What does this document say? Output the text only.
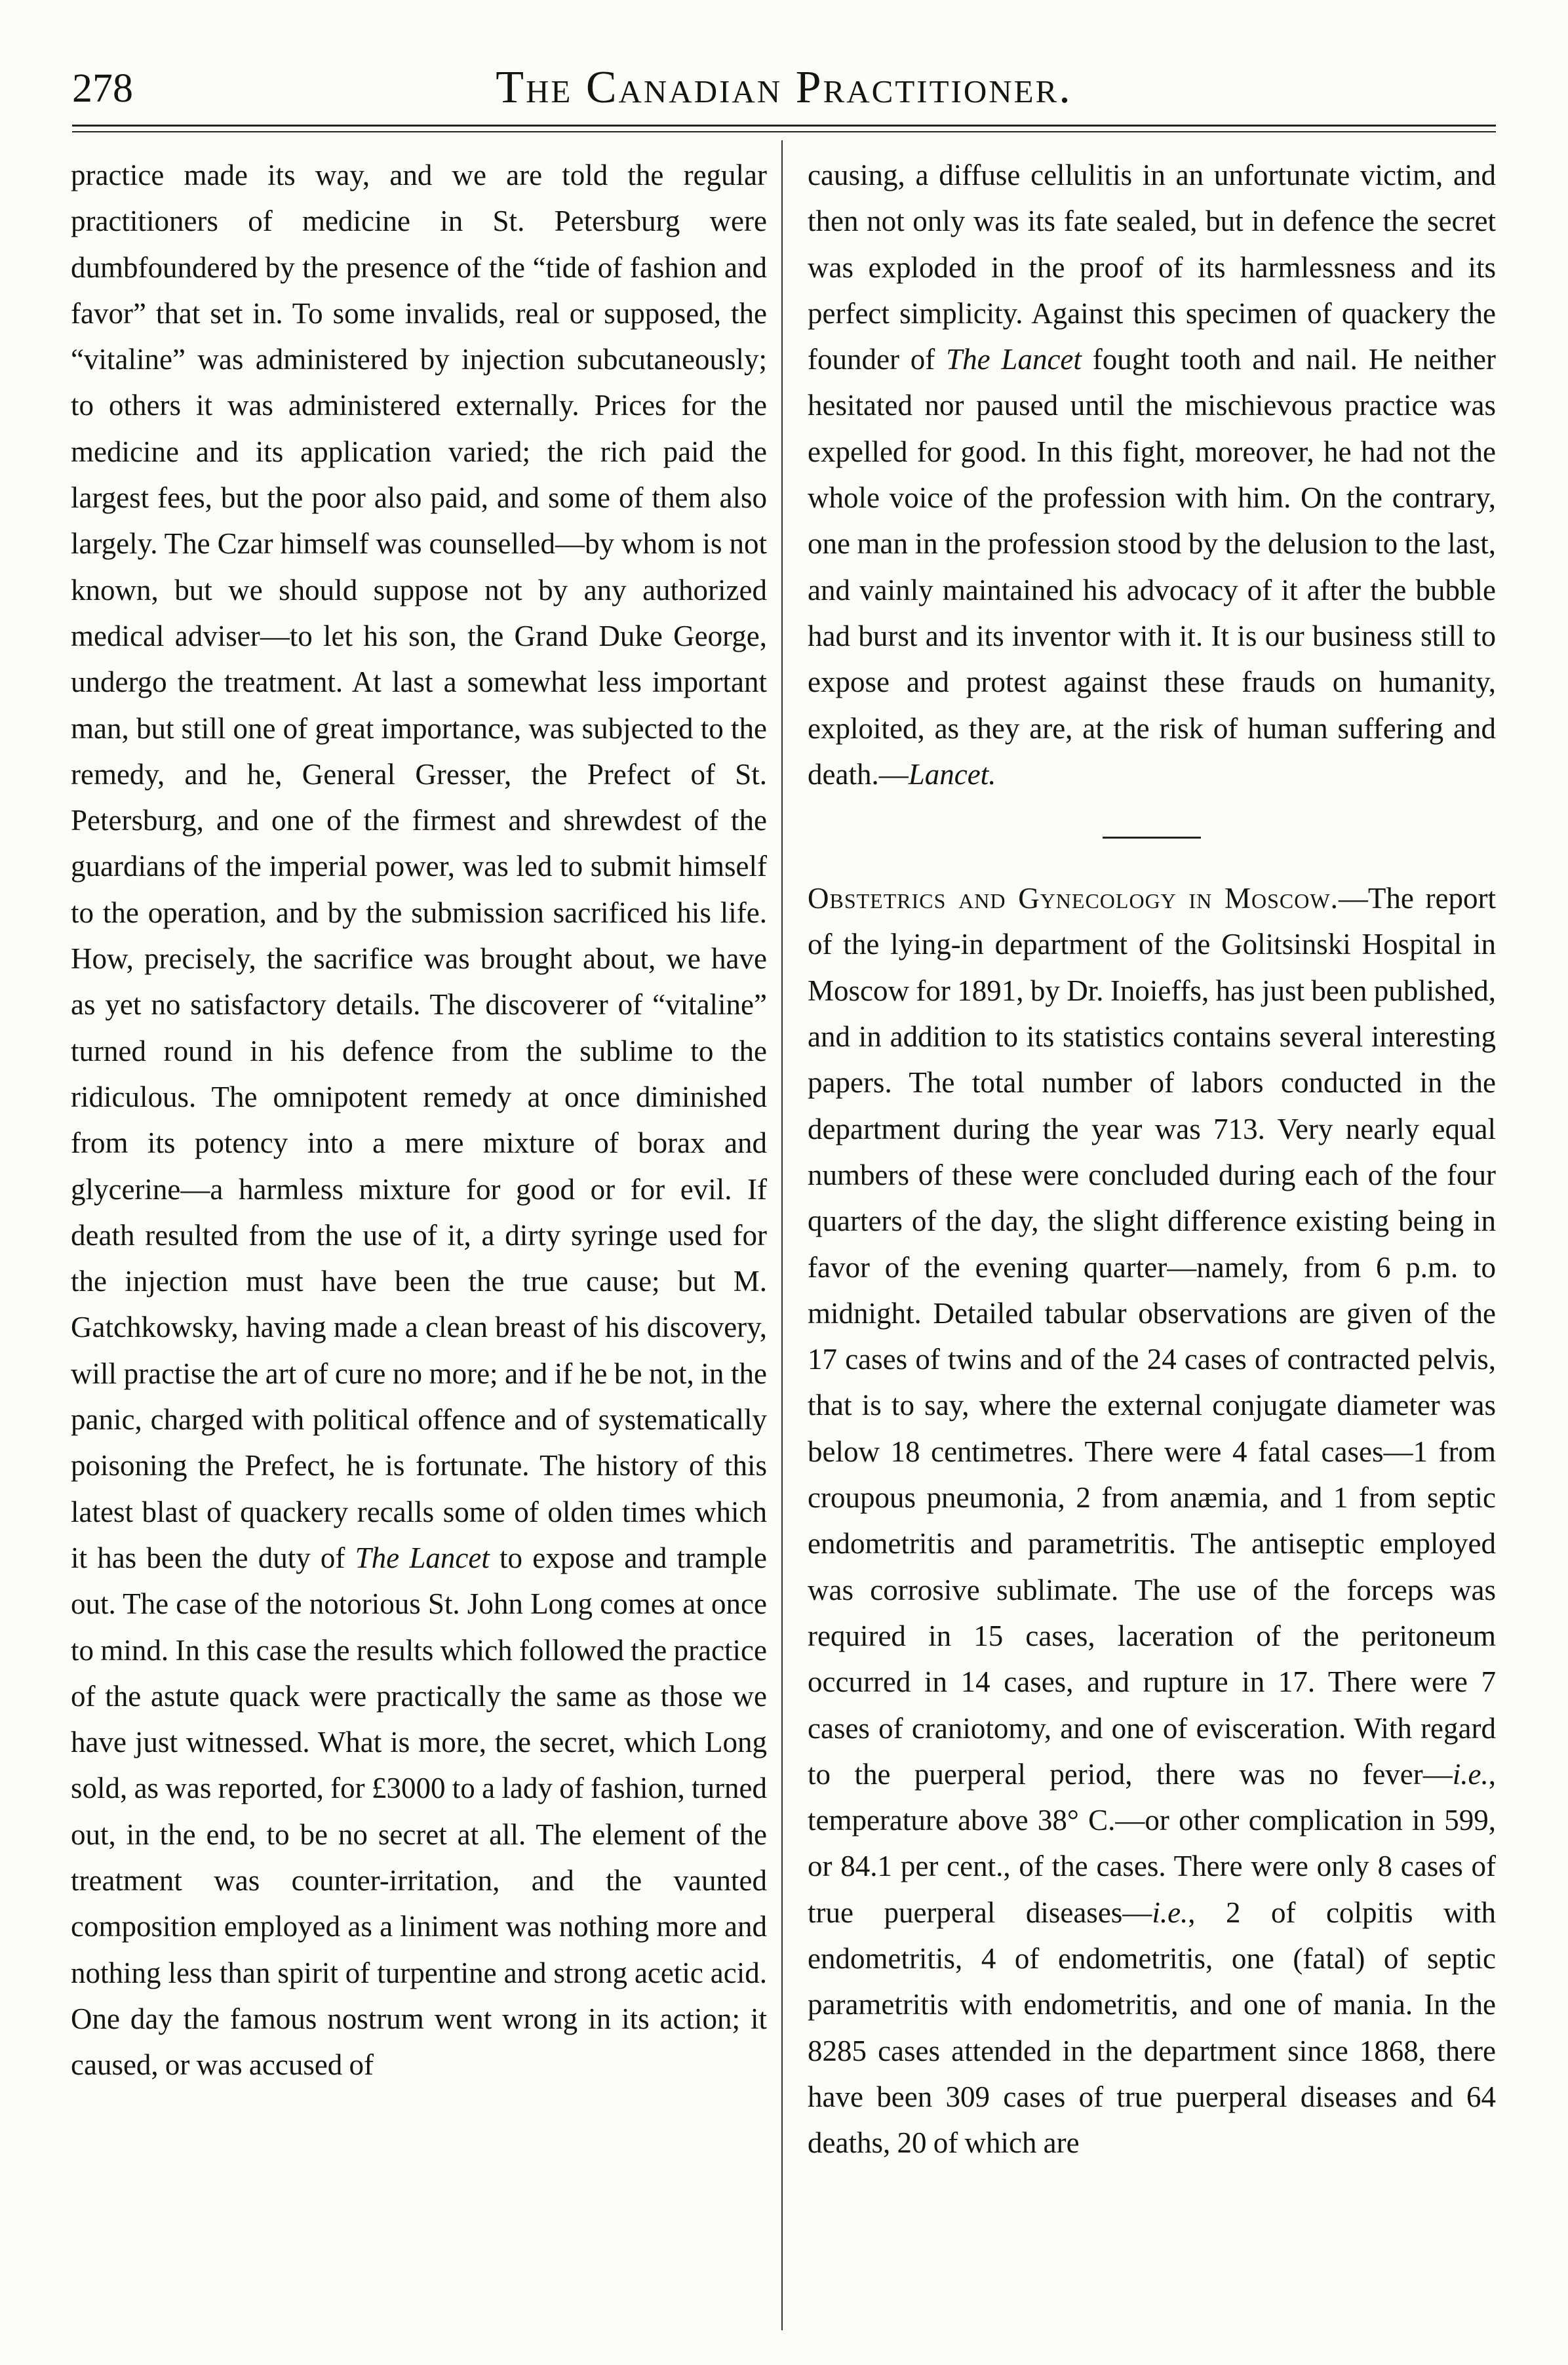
278	The Canadian Practitioner.

practice made its way, and we are told the regular practitioners of medicine in St. Petersburg were dumbfoundered by the presence of the “tide of fashion and favor” that set in. To some invalids, real or supposed, the “vitaline” was administered by injection subcutaneously; to others it was administered externally. Prices for the medicine and its application varied; the rich paid the largest fees, but the poor also paid, and some of them also largely. The Czar himself was counselled—by whom is not known, but we should suppose not by any authorized medical adviser—to let his son, the Grand Duke George, undergo the treatment. At last a somewhat less important man, but still one of great importance, was subjected to the remedy, and he, General Gresser, the Prefect of St. Petersburg, and one of the firmest and shrewdest of the guardians of the imperial power, was led to submit himself to the operation, and by the submission sacrificed his life. How, precisely, the sacrifice was brought about, we have as yet no satisfactory details. The discoverer of “vitaline” turned round in his defence from the sublime to the ridiculous. The omnipotent remedy at once diminished from its potency into a mere mixture of borax and glycerine—a harmless mixture for good or for evil. If death resulted from the use of it, a dirty syringe used for the injection must have been the true cause; but M. Gatchkowsky, having made a clean breast of his discovery, will practise the art of cure no more; and if he be not, in the panic, charged with political offence and of systematically poisoning the Prefect, he is fortunate. The history of this latest blast of quackery recalls some of olden times which it has been the duty of The Lancet to expose and trample out. The case of the notorious St. John Long comes at once to mind. In this case the results which followed the practice of the astute quack were practically the same as those we have just witnessed. What is more, the secret, which Long sold, as was reported, for £3000 to a lady of fashion, turned out, in the end, to be no secret at all. The element of the treatment was counter-irritation, and the vaunted composition employed as a liniment was nothing more and nothing less than spirit of turpentine and strong acetic acid. One day the famous nostrum went wrong in its action; it caused, or was accused of

causing, a diffuse cellulitis in an unfortunate victim, and then not only was its fate sealed, but in defence the secret was exploded in the proof of its harmlessness and its perfect simplicity. Against this specimen of quackery the founder of The Lancet fought tooth and nail. He neither hesitated nor paused until the mischievous practice was expelled for good. In this fight, moreover, he had not the whole voice of the profession with him. On the contrary, one man in the profession stood by the delusion to the last, and vainly maintained his advocacy of it after the bubble had burst and its inventor with it. It is our business still to expose and protest against these frauds on humanity, exploited, as they are, at the risk of human suffering and death.—Lancet.

Obstetrics and Gynecology in Moscow.—The report of the lying-in department of the Golitsinski Hospital in Moscow for 1891, by Dr. Inoieffs, has just been published, and in addition to its statistics contains several interesting papers. The total number of labors conducted in the department during the year was 713. Very nearly equal numbers of these were concluded during each of the four quarters of the day, the slight difference existing being in favor of the evening quarter—namely, from 6 p.m. to midnight. Detailed tabular observations are given of the 17 cases of twins and of the 24 cases of contracted pelvis, that is to say, where the external conjugate diameter was below 18 centimetres. There were 4 fatal cases—1 from croupous pneumonia, 2 from anæmia, and 1 from septic endometritis and parametritis. The antiseptic employed was corrosive sublimate. The use of the forceps was required in 15 cases, laceration of the peritoneum occurred in 14 cases, and rupture in 17. There were 7 cases of craniotomy, and one of evisceration. With regard to the puerperal period, there was no fever—i.e., temperature above 38° C.—or other complication in 599, or 84.1 per cent., of the cases. There were only 8 cases of true puerperal diseases—i.e., 2 of colpitis with endometritis, 4 of endometritis, one (fatal) of septic parametritis with endometritis, and one of mania. In the 8285 cases attended in the department since 1868, there have been 309 cases of true puerperal diseases and 64 deaths, 20 of which are
